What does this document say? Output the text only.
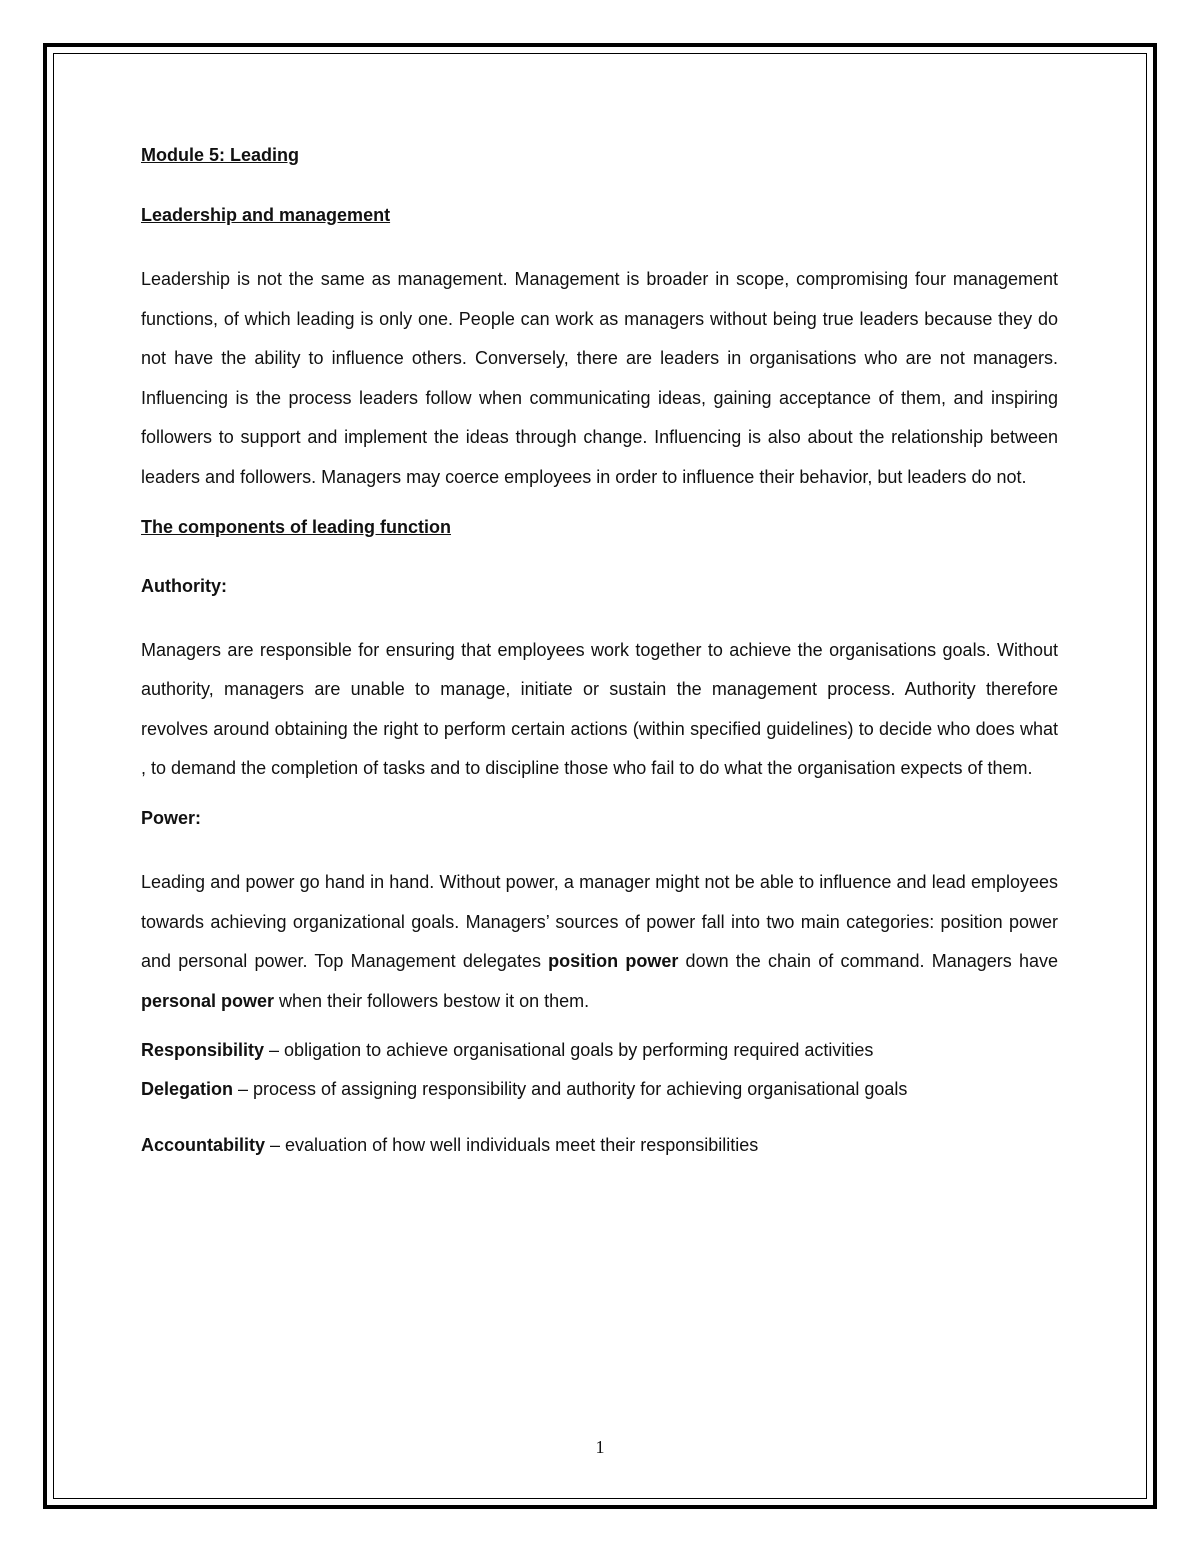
Module 5: Leading

Leadership and management

Leadership is not the same as management. Management is broader in scope, compromising four management functions, of which leading is only one. People can work as managers without being true leaders because they do not have the ability to influence others. Conversely, there are leaders in organisations who are not managers. Influencing is the process leaders follow when communicating ideas, gaining acceptance of them, and inspiring followers to support and implement the ideas through change. Influencing is also about the relationship between leaders and followers. Managers may coerce employees in order to influence their behavior, but leaders do not.

The components of leading function

Authority:

Managers are responsible for ensuring that employees work together to achieve the organisations goals. Without authority, managers are unable to manage, initiate or sustain the management process. Authority therefore revolves around obtaining the right to perform certain actions (within specified guidelines) to decide who does what , to demand the completion of tasks and to discipline those who fail to do what the organisation expects of them.

Power:

Leading and power go hand in hand. Without power, a manager might not be able to influence and lead employees towards achieving organizational goals. Managers’ sources of power fall into two main categories: position power and personal power. Top Management delegates position power down the chain of command. Managers have personal power when their followers bestow it on them.

Responsibility – obligation to achieve organisational goals by performing required activities

Delegation – process of assigning responsibility and authority for achieving organisational goals

Accountability – evaluation of how well individuals meet their responsibilities

1
